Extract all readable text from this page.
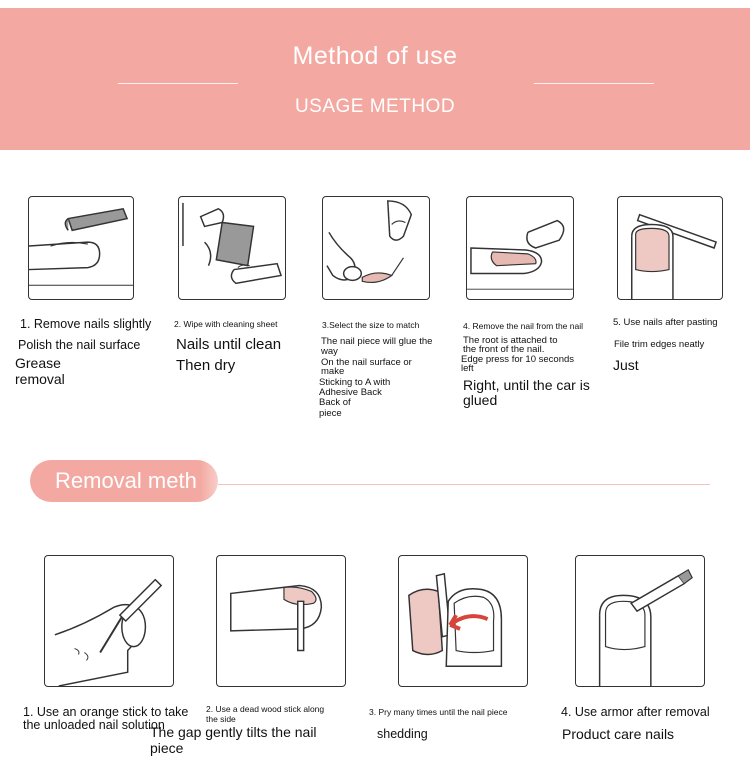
Method of use
USAGE METHOD
1. Remove nails slightly
Polish the nail surface
Grease
removal
2. Wipe with cleaning sheet
Nails until clean
Then dry
3.Select the size to match
The nail piece will glue the
way
On the nail surface or
make
Sticking to A with
Adhesive Back
Back of
piece
4. Remove the nail from the nail
The root is attached to
the front of the nail.
Edge press for 10 seconds
left
Right, until the car is
glued
5. Use nails after pasting
File trim edges neatly
Just
Removal meth
1. Use an orange stick to take
the unloaded nail solution
2. Use a dead wood stick along
the side
The gap gently tilts the nail
piece
3. Pry many times until the nail piece
shedding
4. Use armor after removal
Product care nails
